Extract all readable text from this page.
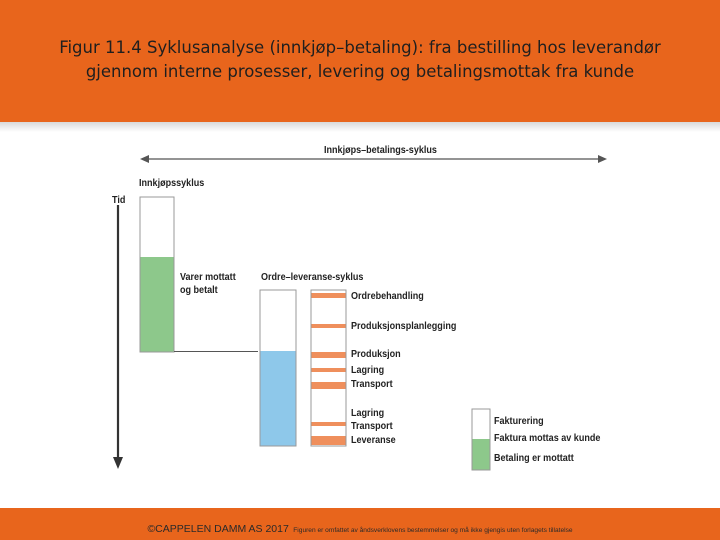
Figur 11.4 Syklusanalyse (innkjøp–betaling): fra bestilling hos leverandør
gjennom interne prosesser, levering og betalingsmottak fra kunde
Innkjøps–betalings-syklus
Tid
Innkjøpssyklus
Varer mottatt og betalt
Ordre–leveranse-syklus
Ordrebehandling
Produksjonsplanlegging
Produksjon
Lagring
Transport
Lagring
Transport
Leveranse
Fakturering
Faktura mottas av kunde
Betaling er mottatt
©CAPPELEN DAMM AS 2017 Figuren er omfattet av åndsverklovens bestemmelser og må ikke gjengis uten forlagets tillatelse
